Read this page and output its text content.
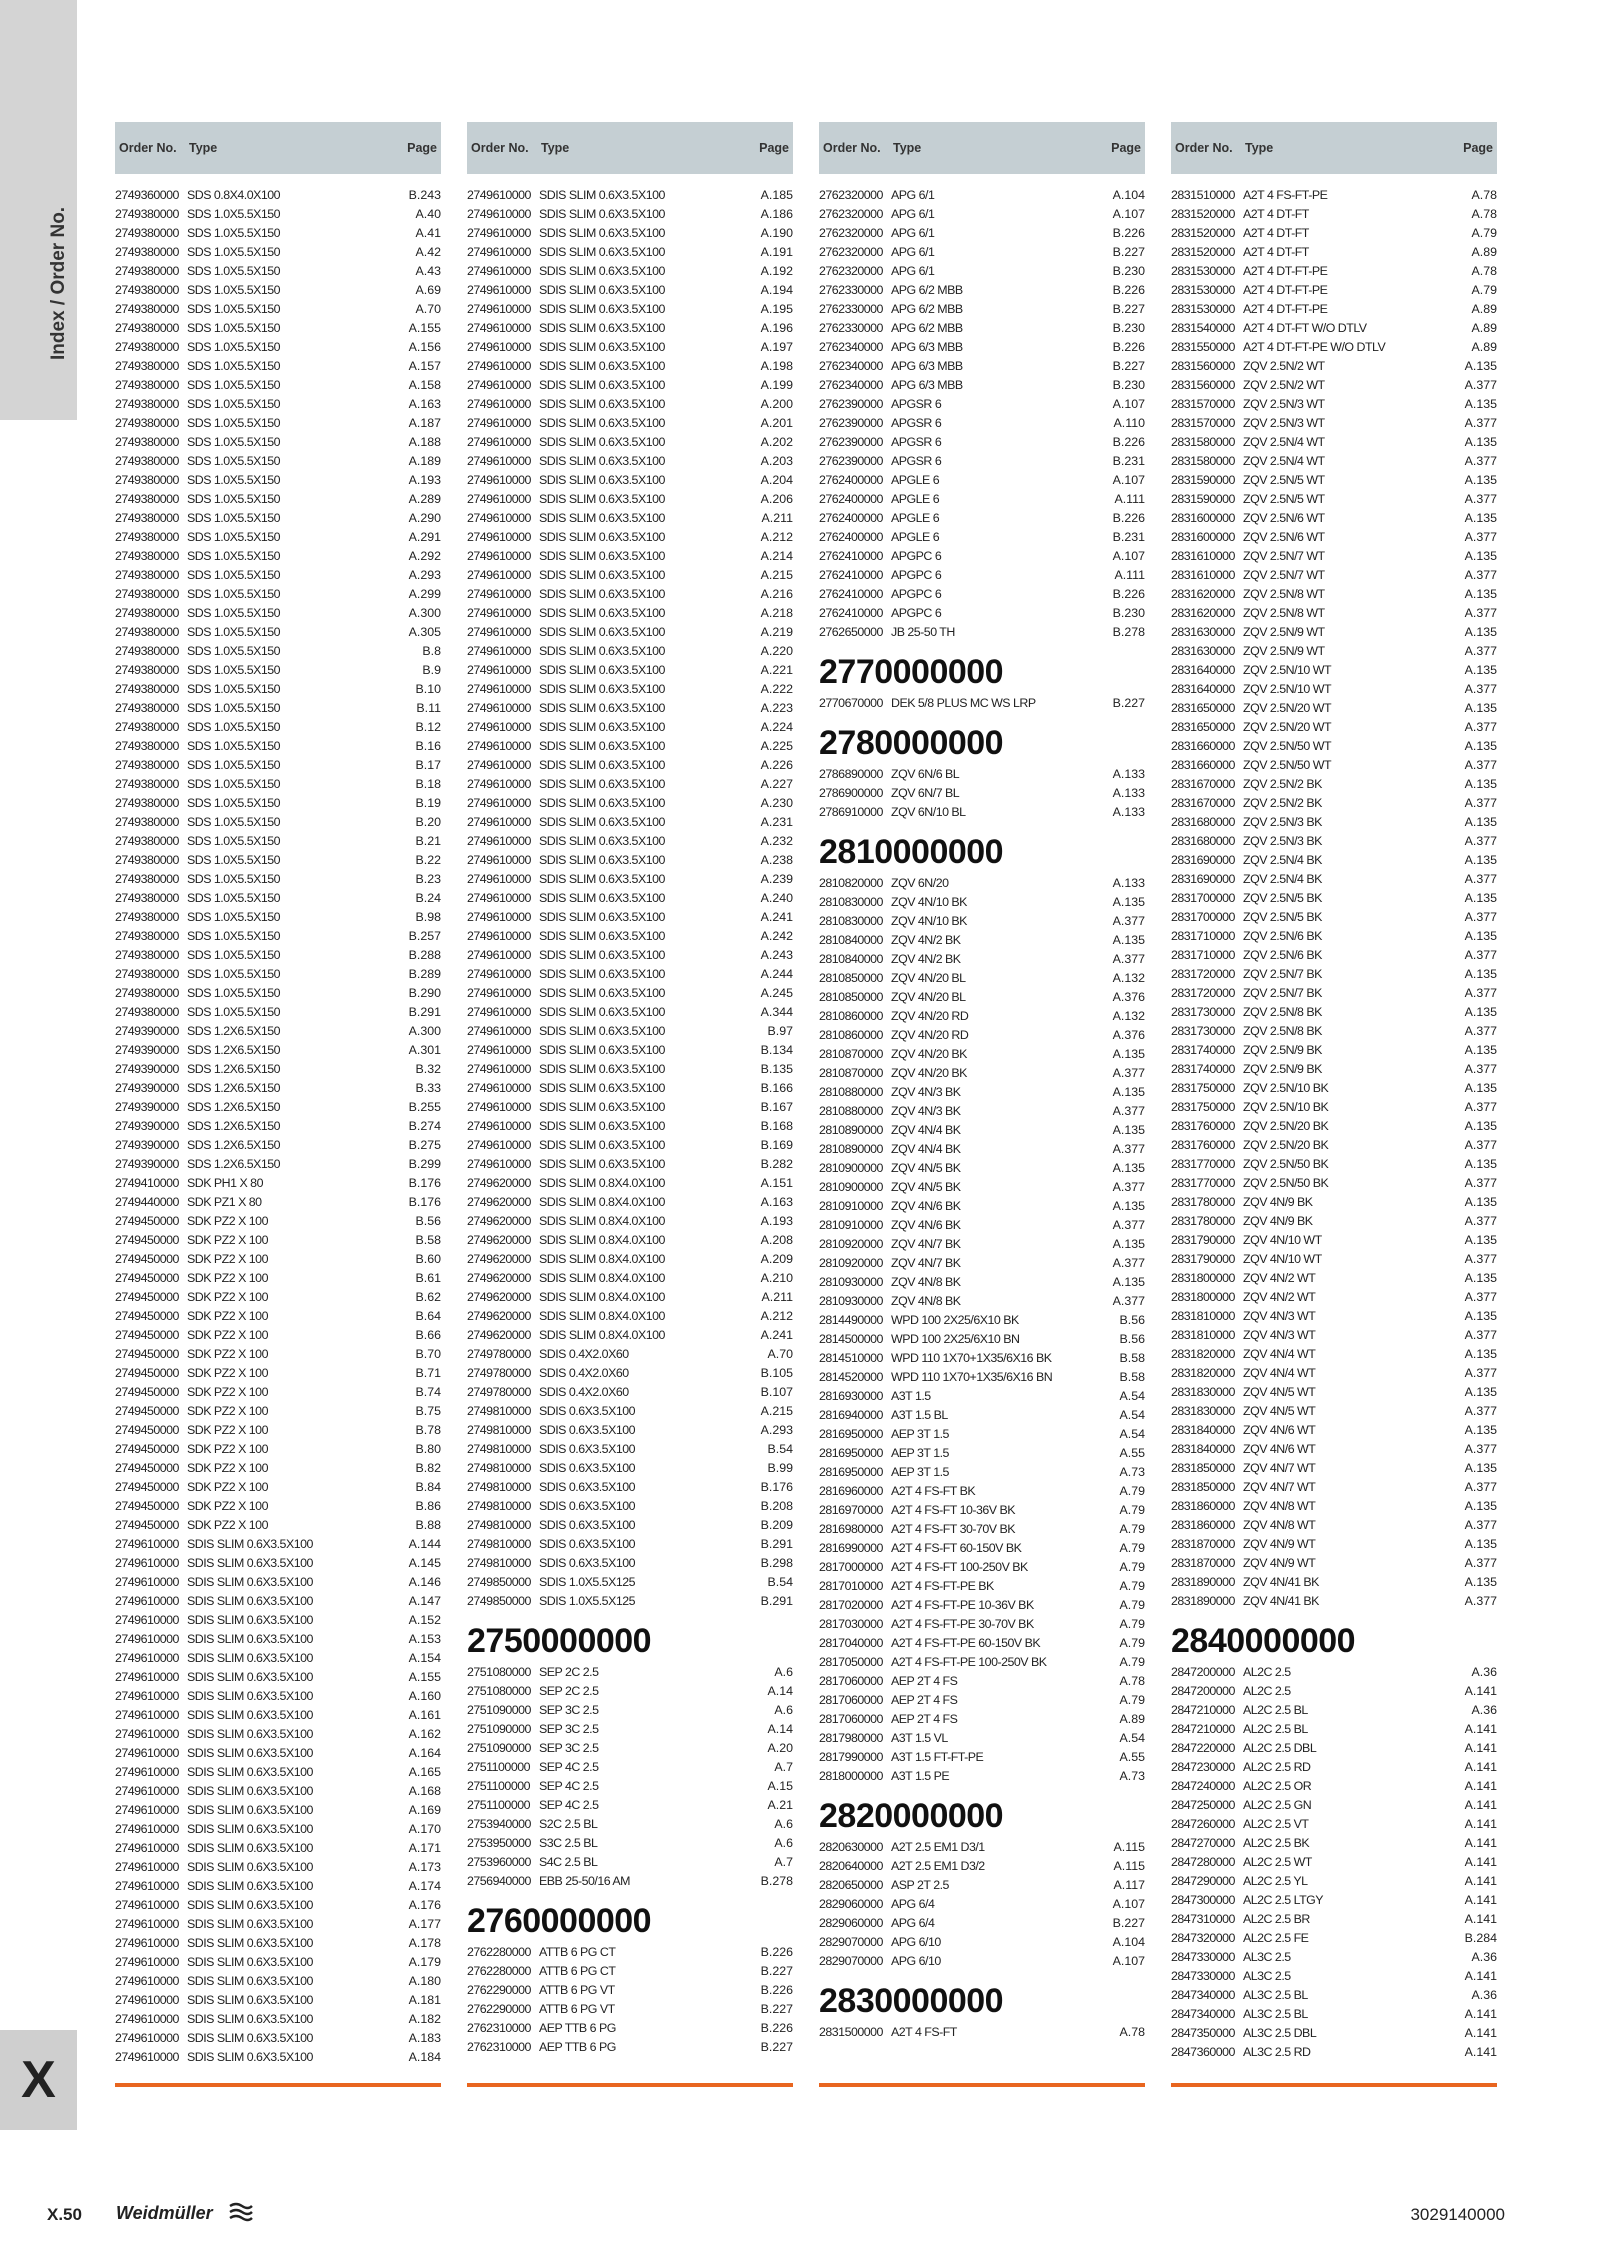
Index / Order No.
X
Order No. Type	Page
2749360000 SDS 0.8X4.0X100	B.243
2749380000 SDS 1.0X5.5X150	A.40
2749380000 SDS 1.0X5.5X150	A.41
2749380000 SDS 1.0X5.5X150	A.42
2749380000 SDS 1.0X5.5X150	A.43
2749380000 SDS 1.0X5.5X150	A.69
2749380000 SDS 1.0X5.5X150	A.70
2749380000 SDS 1.0X5.5X150	A.155
2749380000 SDS 1.0X5.5X150	A.156
2749380000 SDS 1.0X5.5X150	A.157
2749380000 SDS 1.0X5.5X150	A.158
2749380000 SDS 1.0X5.5X150	A.163
2749380000 SDS 1.0X5.5X150	A.187
2749380000 SDS 1.0X5.5X150	A.188
2749380000 SDS 1.0X5.5X150	A.189
2749380000 SDS 1.0X5.5X150	A.193
2749380000 SDS 1.0X5.5X150	A.289
2749380000 SDS 1.0X5.5X150	A.290
2749380000 SDS 1.0X5.5X150	A.291
2749380000 SDS 1.0X5.5X150	A.292
2749380000 SDS 1.0X5.5X150	A.293
2749380000 SDS 1.0X5.5X150	A.299
2749380000 SDS 1.0X5.5X150	A.300
2749380000 SDS 1.0X5.5X150	A.305
2749380000 SDS 1.0X5.5X150	B.8
2749380000 SDS 1.0X5.5X150	B.9
2749380000 SDS 1.0X5.5X150	B.10
2749380000 SDS 1.0X5.5X150	B.11
2749380000 SDS 1.0X5.5X150	B.12
2749380000 SDS 1.0X5.5X150	B.16
2749380000 SDS 1.0X5.5X150	B.17
2749380000 SDS 1.0X5.5X150	B.18
2749380000 SDS 1.0X5.5X150	B.19
2749380000 SDS 1.0X5.5X150	B.20
2749380000 SDS 1.0X5.5X150	B.21
2749380000 SDS 1.0X5.5X150	B.22
2749380000 SDS 1.0X5.5X150	B.23
2749380000 SDS 1.0X5.5X150	B.24
2749380000 SDS 1.0X5.5X150	B.98
2749380000 SDS 1.0X5.5X150	B.257
2749380000 SDS 1.0X5.5X150	B.288
2749380000 SDS 1.0X5.5X150	B.289
2749380000 SDS 1.0X5.5X150	B.290
2749380000 SDS 1.0X5.5X150	B.291
2749390000 SDS 1.2X6.5X150	A.300
2749390000 SDS 1.2X6.5X150	A.301
2749390000 SDS 1.2X6.5X150	B.32
2749390000 SDS 1.2X6.5X150	B.33
2749390000 SDS 1.2X6.5X150	B.255
2749390000 SDS 1.2X6.5X150	B.274
2749390000 SDS 1.2X6.5X150	B.275
2749390000 SDS 1.2X6.5X150	B.299
2749410000 SDK PH1 X 80	B.176
2749440000 SDK PZ1 X 80	B.176
2749450000 SDK PZ2 X 100	B.56
2749450000 SDK PZ2 X 100	B.58
2749450000 SDK PZ2 X 100	B.60
2749450000 SDK PZ2 X 100	B.61
2749450000 SDK PZ2 X 100	B.62
2749450000 SDK PZ2 X 100	B.64
2749450000 SDK PZ2 X 100	B.66
2749450000 SDK PZ2 X 100	B.70
2749450000 SDK PZ2 X 100	B.71
2749450000 SDK PZ2 X 100	B.74
2749450000 SDK PZ2 X 100	B.75
2749450000 SDK PZ2 X 100	B.78
2749450000 SDK PZ2 X 100	B.80
2749450000 SDK PZ2 X 100	B.82
2749450000 SDK PZ2 X 100	B.84
2749450000 SDK PZ2 X 100	B.86
2749450000 SDK PZ2 X 100	B.88
2749610000 SDIS SLIM 0.6X3.5X100	A.144
2749610000 SDIS SLIM 0.6X3.5X100	A.145
2749610000 SDIS SLIM 0.6X3.5X100	A.146
2749610000 SDIS SLIM 0.6X3.5X100	A.147
2749610000 SDIS SLIM 0.6X3.5X100	A.152
2749610000 SDIS SLIM 0.6X3.5X100	A.153
2749610000 SDIS SLIM 0.6X3.5X100	A.154
2749610000 SDIS SLIM 0.6X3.5X100	A.155
2749610000 SDIS SLIM 0.6X3.5X100	A.160
2749610000 SDIS SLIM 0.6X3.5X100	A.161
2749610000 SDIS SLIM 0.6X3.5X100	A.162
2749610000 SDIS SLIM 0.6X3.5X100	A.164
2749610000 SDIS SLIM 0.6X3.5X100	A.165
2749610000 SDIS SLIM 0.6X3.5X100	A.168
2749610000 SDIS SLIM 0.6X3.5X100	A.169
2749610000 SDIS SLIM 0.6X3.5X100	A.170
2749610000 SDIS SLIM 0.6X3.5X100	A.171
2749610000 SDIS SLIM 0.6X3.5X100	A.173
2749610000 SDIS SLIM 0.6X3.5X100	A.174
2749610000 SDIS SLIM 0.6X3.5X100	A.176
2749610000 SDIS SLIM 0.6X3.5X100	A.177
2749610000 SDIS SLIM 0.6X3.5X100	A.178
2749610000 SDIS SLIM 0.6X3.5X100	A.179
2749610000 SDIS SLIM 0.6X3.5X100	A.180
2749610000 SDIS SLIM 0.6X3.5X100	A.181
2749610000 SDIS SLIM 0.6X3.5X100	A.182
2749610000 SDIS SLIM 0.6X3.5X100	A.183
2749610000 SDIS SLIM 0.6X3.5X100	A.184
Order No. Type	Page
2749610000 SDIS SLIM 0.6X3.5X100	A.185
2749610000 SDIS SLIM 0.6X3.5X100	A.186
2749610000 SDIS SLIM 0.6X3.5X100	A.190
2749610000 SDIS SLIM 0.6X3.5X100	A.191
2749610000 SDIS SLIM 0.6X3.5X100	A.192
2749610000 SDIS SLIM 0.6X3.5X100	A.194
2749610000 SDIS SLIM 0.6X3.5X100	A.195
2749610000 SDIS SLIM 0.6X3.5X100	A.196
2749610000 SDIS SLIM 0.6X3.5X100	A.197
2749610000 SDIS SLIM 0.6X3.5X100	A.198
2749610000 SDIS SLIM 0.6X3.5X100	A.199
2749610000 SDIS SLIM 0.6X3.5X100	A.200
2749610000 SDIS SLIM 0.6X3.5X100	A.201
2749610000 SDIS SLIM 0.6X3.5X100	A.202
2749610000 SDIS SLIM 0.6X3.5X100	A.203
2749610000 SDIS SLIM 0.6X3.5X100	A.204
2749610000 SDIS SLIM 0.6X3.5X100	A.206
2749610000 SDIS SLIM 0.6X3.5X100	A.211
2749610000 SDIS SLIM 0.6X3.5X100	A.212
2749610000 SDIS SLIM 0.6X3.5X100	A.214
2749610000 SDIS SLIM 0.6X3.5X100	A.215
2749610000 SDIS SLIM 0.6X3.5X100	A.216
2749610000 SDIS SLIM 0.6X3.5X100	A.218
2749610000 SDIS SLIM 0.6X3.5X100	A.219
2749610000 SDIS SLIM 0.6X3.5X100	A.220
2749610000 SDIS SLIM 0.6X3.5X100	A.221
2749610000 SDIS SLIM 0.6X3.5X100	A.222
2749610000 SDIS SLIM 0.6X3.5X100	A.223
2749610000 SDIS SLIM 0.6X3.5X100	A.224
2749610000 SDIS SLIM 0.6X3.5X100	A.225
2749610000 SDIS SLIM 0.6X3.5X100	A.226
2749610000 SDIS SLIM 0.6X3.5X100	A.227
2749610000 SDIS SLIM 0.6X3.5X100	A.230
2749610000 SDIS SLIM 0.6X3.5X100	A.231
2749610000 SDIS SLIM 0.6X3.5X100	A.232
2749610000 SDIS SLIM 0.6X3.5X100	A.238
2749610000 SDIS SLIM 0.6X3.5X100	A.239
2749610000 SDIS SLIM 0.6X3.5X100	A.240
2749610000 SDIS SLIM 0.6X3.5X100	A.241
2749610000 SDIS SLIM 0.6X3.5X100	A.242
2749610000 SDIS SLIM 0.6X3.5X100	A.243
2749610000 SDIS SLIM 0.6X3.5X100	A.244
2749610000 SDIS SLIM 0.6X3.5X100	A.245
2749610000 SDIS SLIM 0.6X3.5X100	A.344
2749610000 SDIS SLIM 0.6X3.5X100	B.97
2749610000 SDIS SLIM 0.6X3.5X100	B.134
2749610000 SDIS SLIM 0.6X3.5X100	B.135
2749610000 SDIS SLIM 0.6X3.5X100	B.166
2749610000 SDIS SLIM 0.6X3.5X100	B.167
2749610000 SDIS SLIM 0.6X3.5X100	B.168
2749610000 SDIS SLIM 0.6X3.5X100	B.169
2749610000 SDIS SLIM 0.6X3.5X100	B.282
2749620000 SDIS SLIM 0.8X4.0X100	A.151
2749620000 SDIS SLIM 0.8X4.0X100	A.163
2749620000 SDIS SLIM 0.8X4.0X100	A.193
2749620000 SDIS SLIM 0.8X4.0X100	A.208
2749620000 SDIS SLIM 0.8X4.0X100	A.209
2749620000 SDIS SLIM 0.8X4.0X100	A.210
2749620000 SDIS SLIM 0.8X4.0X100	A.211
2749620000 SDIS SLIM 0.8X4.0X100	A.212
2749620000 SDIS SLIM 0.8X4.0X100	A.241
2749780000 SDIS 0.4X2.0X60	A.70
2749780000 SDIS 0.4X2.0X60	B.105
2749780000 SDIS 0.4X2.0X60	B.107
2749810000 SDIS 0.6X3.5X100	A.215
2749810000 SDIS 0.6X3.5X100	A.293
2749810000 SDIS 0.6X3.5X100	B.54
2749810000 SDIS 0.6X3.5X100	B.99
2749810000 SDIS 0.6X3.5X100	B.176
2749810000 SDIS 0.6X3.5X100	B.208
2749810000 SDIS 0.6X3.5X100	B.209
2749810000 SDIS 0.6X3.5X100	B.291
2749810000 SDIS 0.6X3.5X100	B.298
2749850000 SDIS 1.0X5.5X125	B.54
2749850000 SDIS 1.0X5.5X125	B.291
2750000000
2751080000 SEP 2C 2.5	A.6
2751080000 SEP 2C 2.5	A.14
2751090000 SEP 3C 2.5	A.6
2751090000 SEP 3C 2.5	A.14
2751090000 SEP 3C 2.5	A.20
2751100000 SEP 4C 2.5	A.7
2751100000 SEP 4C 2.5	A.15
2751100000 SEP 4C 2.5	A.21
2753940000 S2C 2.5 BL	A.6
2753950000 S3C 2.5 BL	A.6
2753960000 S4C 2.5 BL	A.7
2756940000 EBB 25-50/16 AM	B.278
2760000000
2762280000 ATTB 6 PG CT	B.226
2762280000 ATTB 6 PG CT	B.227
2762290000 ATTB 6 PG VT	B.226
2762290000 ATTB 6 PG VT	B.227
2762310000 AEP TTB 6 PG	B.226
2762310000 AEP TTB 6 PG	B.227
Order No. Type	Page
2762320000 APG 6/1	A.104
2762320000 APG 6/1	A.107
2762320000 APG 6/1	B.226
2762320000 APG 6/1	B.227
2762320000 APG 6/1	B.230
2762330000 APG 6/2 MBB	B.226
2762330000 APG 6/2 MBB	B.227
2762330000 APG 6/2 MBB	B.230
2762340000 APG 6/3 MBB	B.226
2762340000 APG 6/3 MBB	B.227
2762340000 APG 6/3 MBB	B.230
2762390000 APGSR 6	A.107
2762390000 APGSR 6	A.110
2762390000 APGSR 6	B.226
2762390000 APGSR 6	B.231
2762400000 APGLE 6	A.107
2762400000 APGLE 6	A.111
2762400000 APGLE 6	B.226
2762400000 APGLE 6	B.231
2762410000 APGPC 6	A.107
2762410000 APGPC 6	A.111
2762410000 APGPC 6	B.226
2762410000 APGPC 6	B.230
2762650000 JB 25-50 TH	B.278
2770000000
2770670000 DEK 5/8 PLUS MC WS LRP	B.227
2780000000
2786890000 ZQV 6N/6 BL	A.133
2786900000 ZQV 6N/7 BL	A.133
2786910000 ZQV 6N/10 BL	A.133
2810000000
2810820000 ZQV 6N/20	A.133
2810830000 ZQV 4N/10 BK	A.135
2810830000 ZQV 4N/10 BK	A.377
2810840000 ZQV 4N/2 BK	A.135
2810840000 ZQV 4N/2 BK	A.377
2810850000 ZQV 4N/20 BL	A.132
2810850000 ZQV 4N/20 BL	A.376
2810860000 ZQV 4N/20 RD	A.132
2810860000 ZQV 4N/20 RD	A.376
2810870000 ZQV 4N/20 BK	A.135
2810870000 ZQV 4N/20 BK	A.377
2810880000 ZQV 4N/3 BK	A.135
2810880000 ZQV 4N/3 BK	A.377
2810890000 ZQV 4N/4 BK	A.135
2810890000 ZQV 4N/4 BK	A.377
2810900000 ZQV 4N/5 BK	A.135
2810900000 ZQV 4N/5 BK	A.377
2810910000 ZQV 4N/6 BK	A.135
2810910000 ZQV 4N/6 BK	A.377
2810920000 ZQV 4N/7 BK	A.135
2810920000 ZQV 4N/7 BK	A.377
2810930000 ZQV 4N/8 BK	A.135
2810930000 ZQV 4N/8 BK	A.377
2814490000 WPD 100 2X25/6X10 BK	B.56
2814500000 WPD 100 2X25/6X10 BN	B.56
2814510000 WPD 110 1X70+1X35/6X16 BK	B.58
2814520000 WPD 110 1X70+1X35/6X16 BN	B.58
2816930000 A3T 1.5	A.54
2816940000 A3T 1.5 BL	A.54
2816950000 AEP 3T 1.5	A.54
2816950000 AEP 3T 1.5	A.55
2816950000 AEP 3T 1.5	A.73
2816960000 A2T 4 FS-FT BK	A.79
2816970000 A2T 4 FS-FT 10-36V BK	A.79
2816980000 A2T 4 FS-FT 30-70V BK	A.79
2816990000 A2T 4 FS-FT 60-150V BK	A.79
2817000000 A2T 4 FS-FT 100-250V BK	A.79
2817010000 A2T 4 FS-FT-PE BK	A.79
2817020000 A2T 4 FS-FT-PE 10-36V BK	A.79
2817030000 A2T 4 FS-FT-PE 30-70V BK	A.79
2817040000 A2T 4 FS-FT-PE 60-150V BK	A.79
2817050000 A2T 4 FS-FT-PE 100-250V BK	A.79
2817060000 AEP 2T 4 FS	A.78
2817060000 AEP 2T 4 FS	A.79
2817060000 AEP 2T 4 FS	A.89
2817980000 A3T 1.5 VL	A.54
2817990000 A3T 1.5 FT-FT-PE	A.55
2818000000 A3T 1.5 PE	A.73
2820000000
2820630000 A2T 2.5 EM1 D3/1	A.115
2820640000 A2T 2.5 EM1 D3/2	A.115
2820650000 ASP 2T 2.5	A.117
2829060000 APG 6/4	A.107
2829060000 APG 6/4	B.227
2829070000 APG 6/10	A.104
2829070000 APG 6/10	A.107
2830000000
2831500000 A2T 4 FS-FT	A.78
Order No. Type	Page
2831510000 A2T 4 FS-FT-PE	A.78
2831520000 A2T 4 DT-FT	A.78
2831520000 A2T 4 DT-FT	A.79
2831520000 A2T 4 DT-FT	A.89
2831530000 A2T 4 DT-FT-PE	A.78
2831530000 A2T 4 DT-FT-PE	A.79
2831530000 A2T 4 DT-FT-PE	A.89
2831540000 A2T 4 DT-FT W/O DTLV	A.89
2831550000 A2T 4 DT-FT-PE W/O DTLV	A.89
2831560000 ZQV 2.5N/2 WT	A.135
2831560000 ZQV 2.5N/2 WT	A.377
2831570000 ZQV 2.5N/3 WT	A.135
2831570000 ZQV 2.5N/3 WT	A.377
2831580000 ZQV 2.5N/4 WT	A.135
2831580000 ZQV 2.5N/4 WT	A.377
2831590000 ZQV 2.5N/5 WT	A.135
2831590000 ZQV 2.5N/5 WT	A.377
2831600000 ZQV 2.5N/6 WT	A.135
2831600000 ZQV 2.5N/6 WT	A.377
2831610000 ZQV 2.5N/7 WT	A.135
2831610000 ZQV 2.5N/7 WT	A.377
2831620000 ZQV 2.5N/8 WT	A.135
2831620000 ZQV 2.5N/8 WT	A.377
2831630000 ZQV 2.5N/9 WT	A.135
2831630000 ZQV 2.5N/9 WT	A.377
2831640000 ZQV 2.5N/10 WT	A.135
2831640000 ZQV 2.5N/10 WT	A.377
2831650000 ZQV 2.5N/20 WT	A.135
2831650000 ZQV 2.5N/20 WT	A.377
2831660000 ZQV 2.5N/50 WT	A.135
2831660000 ZQV 2.5N/50 WT	A.377
2831670000 ZQV 2.5N/2 BK	A.135
2831670000 ZQV 2.5N/2 BK	A.377
2831680000 ZQV 2.5N/3 BK	A.135
2831680000 ZQV 2.5N/3 BK	A.377
2831690000 ZQV 2.5N/4 BK	A.135
2831690000 ZQV 2.5N/4 BK	A.377
2831700000 ZQV 2.5N/5 BK	A.135
2831700000 ZQV 2.5N/5 BK	A.377
2831710000 ZQV 2.5N/6 BK	A.135
2831710000 ZQV 2.5N/6 BK	A.377
2831720000 ZQV 2.5N/7 BK	A.135
2831720000 ZQV 2.5N/7 BK	A.377
2831730000 ZQV 2.5N/8 BK	A.135
2831730000 ZQV 2.5N/8 BK	A.377
2831740000 ZQV 2.5N/9 BK	A.135
2831740000 ZQV 2.5N/9 BK	A.377
2831750000 ZQV 2.5N/10 BK	A.135
2831750000 ZQV 2.5N/10 BK	A.377
2831760000 ZQV 2.5N/20 BK	A.135
2831760000 ZQV 2.5N/20 BK	A.377
2831770000 ZQV 2.5N/50 BK	A.135
2831770000 ZQV 2.5N/50 BK	A.377
2831780000 ZQV 4N/9 BK	A.135
2831780000 ZQV 4N/9 BK	A.377
2831790000 ZQV 4N/10 WT	A.135
2831790000 ZQV 4N/10 WT	A.377
2831800000 ZQV 4N/2 WT	A.135
2831800000 ZQV 4N/2 WT	A.377
2831810000 ZQV 4N/3 WT	A.135
2831810000 ZQV 4N/3 WT	A.377
2831820000 ZQV 4N/4 WT	A.135
2831820000 ZQV 4N/4 WT	A.377
2831830000 ZQV 4N/5 WT	A.135
2831830000 ZQV 4N/5 WT	A.377
2831840000 ZQV 4N/6 WT	A.135
2831840000 ZQV 4N/6 WT	A.377
2831850000 ZQV 4N/7 WT	A.135
2831850000 ZQV 4N/7 WT	A.377
2831860000 ZQV 4N/8 WT	A.135
2831860000 ZQV 4N/8 WT	A.377
2831870000 ZQV 4N/9 WT	A.135
2831870000 ZQV 4N/9 WT	A.377
2831890000 ZQV 4N/41 BK	A.135
2831890000 ZQV 4N/41 BK	A.377
2840000000
2847200000 AL2C 2.5	A.36
2847200000 AL2C 2.5	A.141
2847210000 AL2C 2.5 BL	A.36
2847210000 AL2C 2.5 BL	A.141
2847220000 AL2C 2.5 DBL	A.141
2847230000 AL2C 2.5 RD	A.141
2847240000 AL2C 2.5 OR	A.141
2847250000 AL2C 2.5 GN	A.141
2847260000 AL2C 2.5 VT	A.141
2847270000 AL2C 2.5 BK	A.141
2847280000 AL2C 2.5 WT	A.141
2847290000 AL2C 2.5 YL	A.141
2847300000 AL2C 2.5 LTGY	A.141
2847310000 AL2C 2.5 BR	A.141
2847320000 AL2C 2.5 FE	B.284
2847330000 AL3C 2.5	A.36
2847330000 AL3C 2.5	A.141
2847340000 AL3C 2.5 BL	A.36
2847340000 AL3C 2.5 BL	A.141
2847350000 AL3C 2.5 DBL	A.141
2847360000 AL3C 2.5 RD	A.141
X.50 Weidmüller	3029140000
